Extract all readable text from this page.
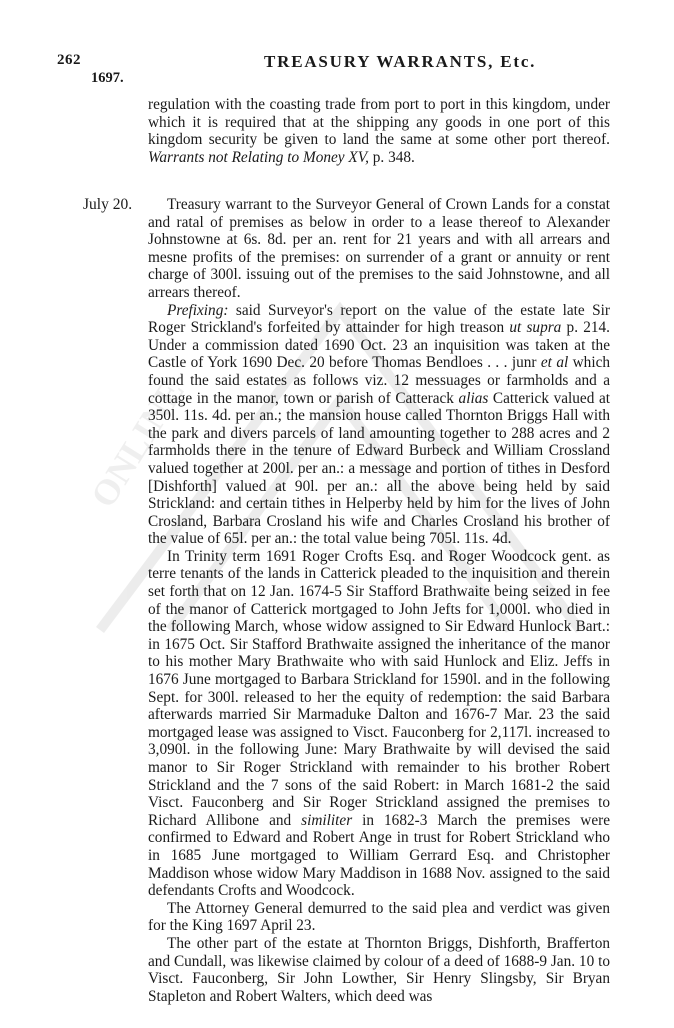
ONLINE
262
1697.
TREASURY WARRANTS, Etc.

regulation with the coasting trade from port to port in this kingdom, under which it is required that at the shipping any goods in one port of this kingdom security be given to land the same at some other port thereof. Warrants not Relating to Money XV, p. 348.

July 20.	Treasury warrant to the Surveyor General of Crown Lands for a constat and ratal of premises as below in order to a lease thereof to Alexander Johnstowne at 6s. 8d. per an. rent for 21 years and with all arrears and mesne profits of the premises: on surrender of a grant or annuity or rent charge of 300l. issuing out of the premises to the said Johnstowne, and all arrears thereof.

Prefixing: said Surveyor's report on the value of the estate late Sir Roger Strickland's forfeited by attainder for high treason ut supra p. 214. Under a commission dated 1690 Oct. 23 an inquisition was taken at the Castle of York 1690 Dec. 20 before Thomas Bendloes . . . junr et al which found the said estates as follows viz. 12 messuages or farmholds and a cottage in the manor, town or parish of Catterack alias Catterick valued at 350l. 11s. 4d. per an.; the mansion house called Thornton Briggs Hall with the park and divers parcels of land amounting together to 288 acres and 2 farmholds there in the tenure of Edward Burbeck and William Crossland valued together at 200l. per an.: a message and portion of tithes in Desford [Dishforth] valued at 90l. per an.: all the above being held by said Strickland: and certain tithes in Helperby held by him for the lives of John Crosland, Barbara Crosland his wife and Charles Crosland his brother of the value of 65l. per an.: the total value being 705l. 11s. 4d.

In Trinity term 1691 Roger Crofts Esq. and Roger Woodcock gent. as terre tenants of the lands in Catterick pleaded to the inquisition and therein set forth that on 12 Jan. 1674-5 Sir Stafford Brathwaite being seized in fee of the manor of Catterick mortgaged to John Jefts for 1,000l. who died in the following March, whose widow assigned to Sir Edward Hunlock Bart.: in 1675 Oct. Sir Stafford Brathwaite assigned the inheritance of the manor to his mother Mary Brathwaite who with said Hunlock and Eliz. Jeffs in 1676 June mortgaged to Barbara Strickland for 1590l. and in the following Sept. for 300l. released to her the equity of redemption: the said Barbara afterwards married Sir Marmaduke Dalton and 1676-7 Mar. 23 the said mortgaged lease was assigned to Visct. Fauconberg for 2,117l. increased to 3,090l. in the following June: Mary Brathwaite by will devised the said manor to Sir Roger Strickland with remainder to his brother Robert Strickland and the 7 sons of the said Robert: in March 1681-2 the said Visct. Fauconberg and Sir Roger Strickland assigned the premises to Richard Allibone and similiter in 1682-3 March the premises were confirmed to Edward and Robert Ange in trust for Robert Strickland who in 1685 June mortgaged to William Gerrard Esq. and Christopher Maddison whose widow Mary Maddison in 1688 Nov. assigned to the said defendants Crofts and Woodcock.

The Attorney General demurred to the said plea and verdict was given for the King 1697 April 23.

The other part of the estate at Thornton Briggs, Dishforth, Brafferton and Cundall, was likewise claimed by colour of a deed of 1688-9 Jan. 10 to Visct. Fauconberg, Sir John Lowther, Sir Henry Slingsby, Sir Bryan Stapleton and Robert Walters, which deed was
